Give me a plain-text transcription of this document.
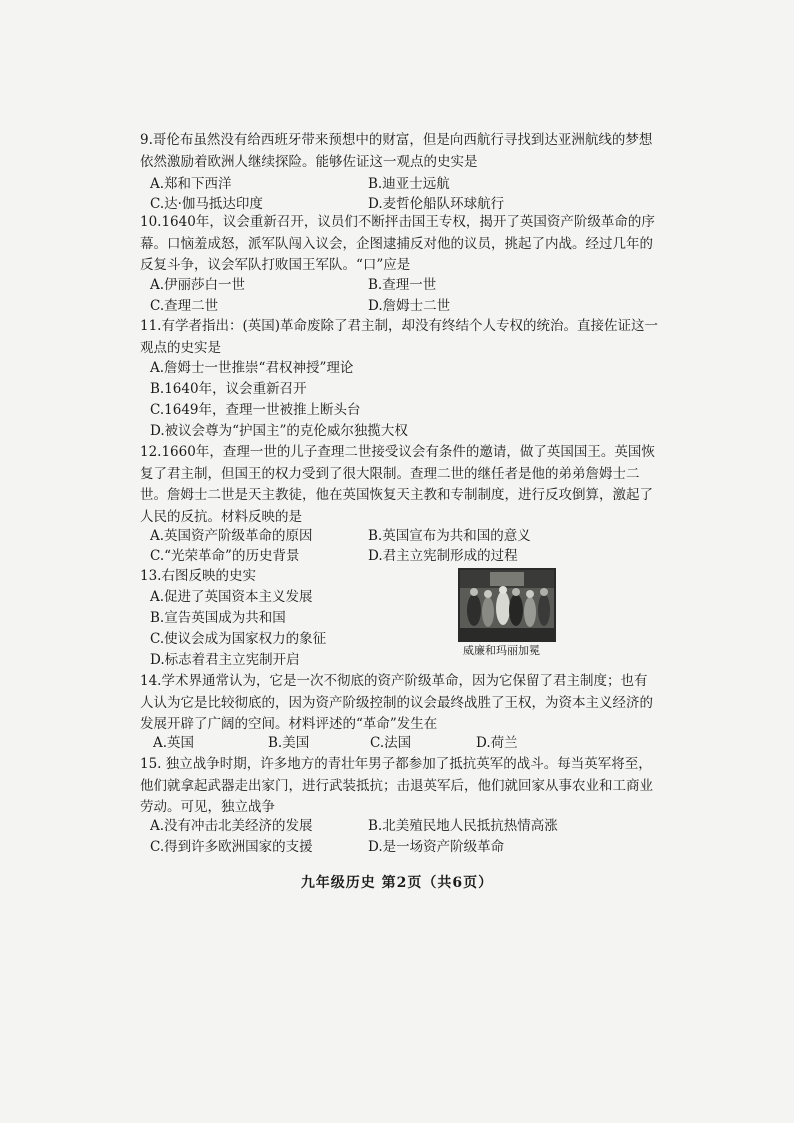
9.哥伦布虽然没有给西班牙带来预想中的财富，但是向西航行寻找到达亚洲航线的梦想依然激励着欧洲人继续探险。能够佐证这一观点的史实是
A.郑和下西洋	B.迪亚士远航
C.达·伽马抵达印度	D.麦哲伦船队环球航行
10.1640年，议会重新召开，议员们不断抨击国王专权，揭开了英国资产阶级革命的序幕。口恼羞成怒，派军队闯入议会，企图逮捕反对他的议员，挑起了内战。经过几年的反复斗争，议会军队打败国王军队。“口”应是
A.伊丽莎白一世	B.查理一世
C.查理二世	D.詹姆士二世
11.有学者指出：(英国)革命废除了君主制，却没有终结个人专权的统治。直接佐证这一观点的史实是
A.詹姆士一世推崇“君权神授”理论
B.1640年，议会重新召开
C.1649年，查理一世被推上断头台
D.被议会尊为“护国主”的克伦威尔独揽大权
12.1660年，查理一世的儿子查理二世接受议会有条件的邀请，做了英国国王。英国恢复了君主制，但国王的权力受到了很大限制。查理二世的继任者是他的弟弟詹姆士二世。詹姆士二世是天主教徒，他在英国恢复天主教和专制制度，进行反攻倒算，激起了人民的反抗。材料反映的是
A.英国资产阶级革命的原因	B.英国宣布为共和国的意义
C.“光荣革命”的历史背景	D.君主立宪制形成的过程
13.右图反映的史实
A.促进了英国资本主义发展
B.宣告英国成为共和国
C.使议会成为国家权力的象征
D.标志着君主立宪制开启
威廉和玛丽加冕
14.学术界通常认为，它是一次不彻底的资产阶级革命，因为它保留了君主制度；也有人认为它是比较彻底的，因为资产阶级控制的议会最终战胜了王权，为资本主义经济的发展开辟了广阔的空间。材料评述的“革命”发生在
A.英国	B.美国	C.法国	D.荷兰
15. 独立战争时期，许多地方的青壮年男子都参加了抵抗英军的战斗。每当英军将至，他们就拿起武器走出家门，进行武装抵抗；击退英军后，他们就回家从事农业和工商业劳动。可见，独立战争
A.没有冲击北美经济的发展	B.北美殖民地人民抵抗热情高涨
C.得到许多欧洲国家的支援	D.是一场资产阶级革命
九年级历史 第2页（共6页）
